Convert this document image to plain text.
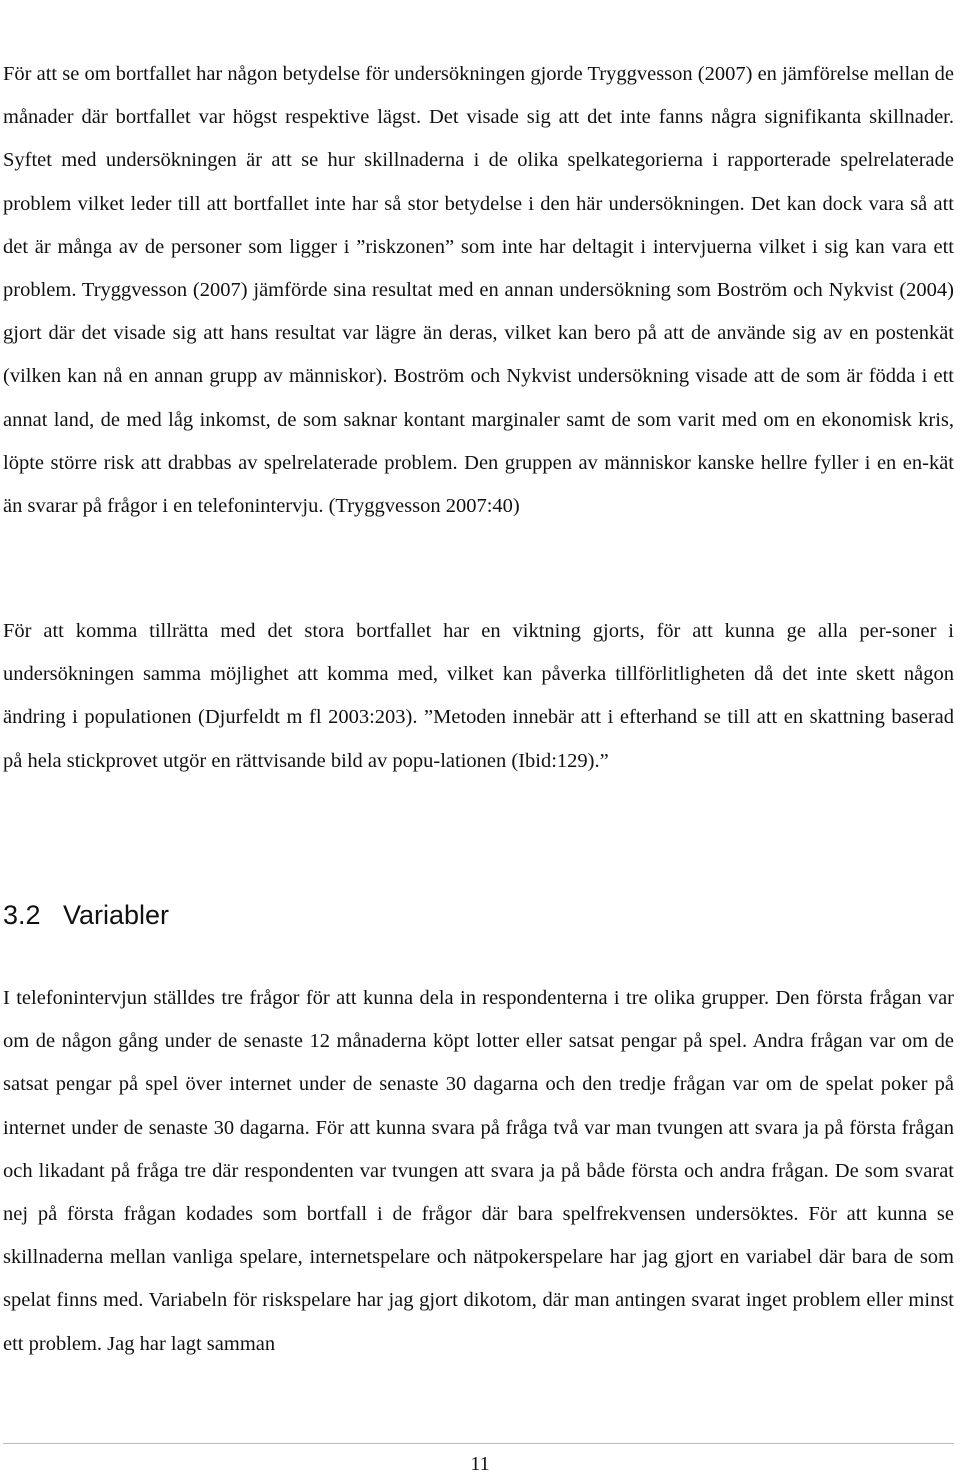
För att se om bortfallet har någon betydelse för undersökningen gjorde Tryggvesson (2007) en jämförelse mellan de månader där bortfallet var högst respektive lägst. Det visade sig att det inte fanns några signifikanta skillnader. Syftet med undersökningen är att se hur skillnaderna i de olika spelkategorierna i rapporterade spelrelaterade problem vilket leder till att bortfallet inte har så stor betydelse i den här undersökningen. Det kan dock vara så att det är många av de personer som ligger i ”riskzonen” som inte har deltagit i intervjuerna vilket i sig kan vara ett problem. Tryggvesson (2007) jämförde sina resultat med en annan undersökning som Boström och Nykvist (2004) gjort där det visade sig att hans resultat var lägre än deras, vilket kan bero på att de använde sig av en postenkät (vilken kan nå en annan grupp av människor). Boström och Nykvist undersökning visade att de som är födda i ett annat land, de med låg inkomst, de som saknar kontant marginaler samt de som varit med om en ekonomisk kris, löpte större risk att drabbas av spelrelaterade problem. Den gruppen av människor kanske hellre fyller i en en-kät än svarar på frågor i en telefonintervju. (Tryggvesson 2007:40)

För att komma tillrätta med det stora bortfallet har en viktning gjorts, för att kunna ge alla per-soner i undersökningen samma möjlighet att komma med, vilket kan påverka tillförlitligheten då det inte skett någon ändring i populationen (Djurfeldt m fl 2003:203). ”Metoden innebär att i efterhand se till att en skattning baserad på hela stickprovet utgör en rättvisande bild av popu-lationen (Ibid:129).”

3.2 Variabler

I telefonintervjun ställdes tre frågor för att kunna dela in respondenterna i tre olika grupper. Den första frågan var om de någon gång under de senaste 12 månaderna köpt lotter eller satsat pengar på spel. Andra frågan var om de satsat pengar på spel över internet under de senaste 30 dagarna och den tredje frågan var om de spelat poker på internet under de senaste 30 dagarna. För att kunna svara på fråga två var man tvungen att svara ja på första frågan och likadant på fråga tre där respondenten var tvungen att svara ja på både första och andra frågan. De som svarat nej på första frågan kodades som bortfall i de frågor där bara spelfrekvensen undersöktes. För att kunna se skillnaderna mellan vanliga spelare, internetspelare och nätpokerspelare har jag gjort en variabel där bara de som spelat finns med. Variabeln för riskspelare har jag gjort dikotom, där man antingen svarat inget problem eller minst ett problem. Jag har lagt samman

11
